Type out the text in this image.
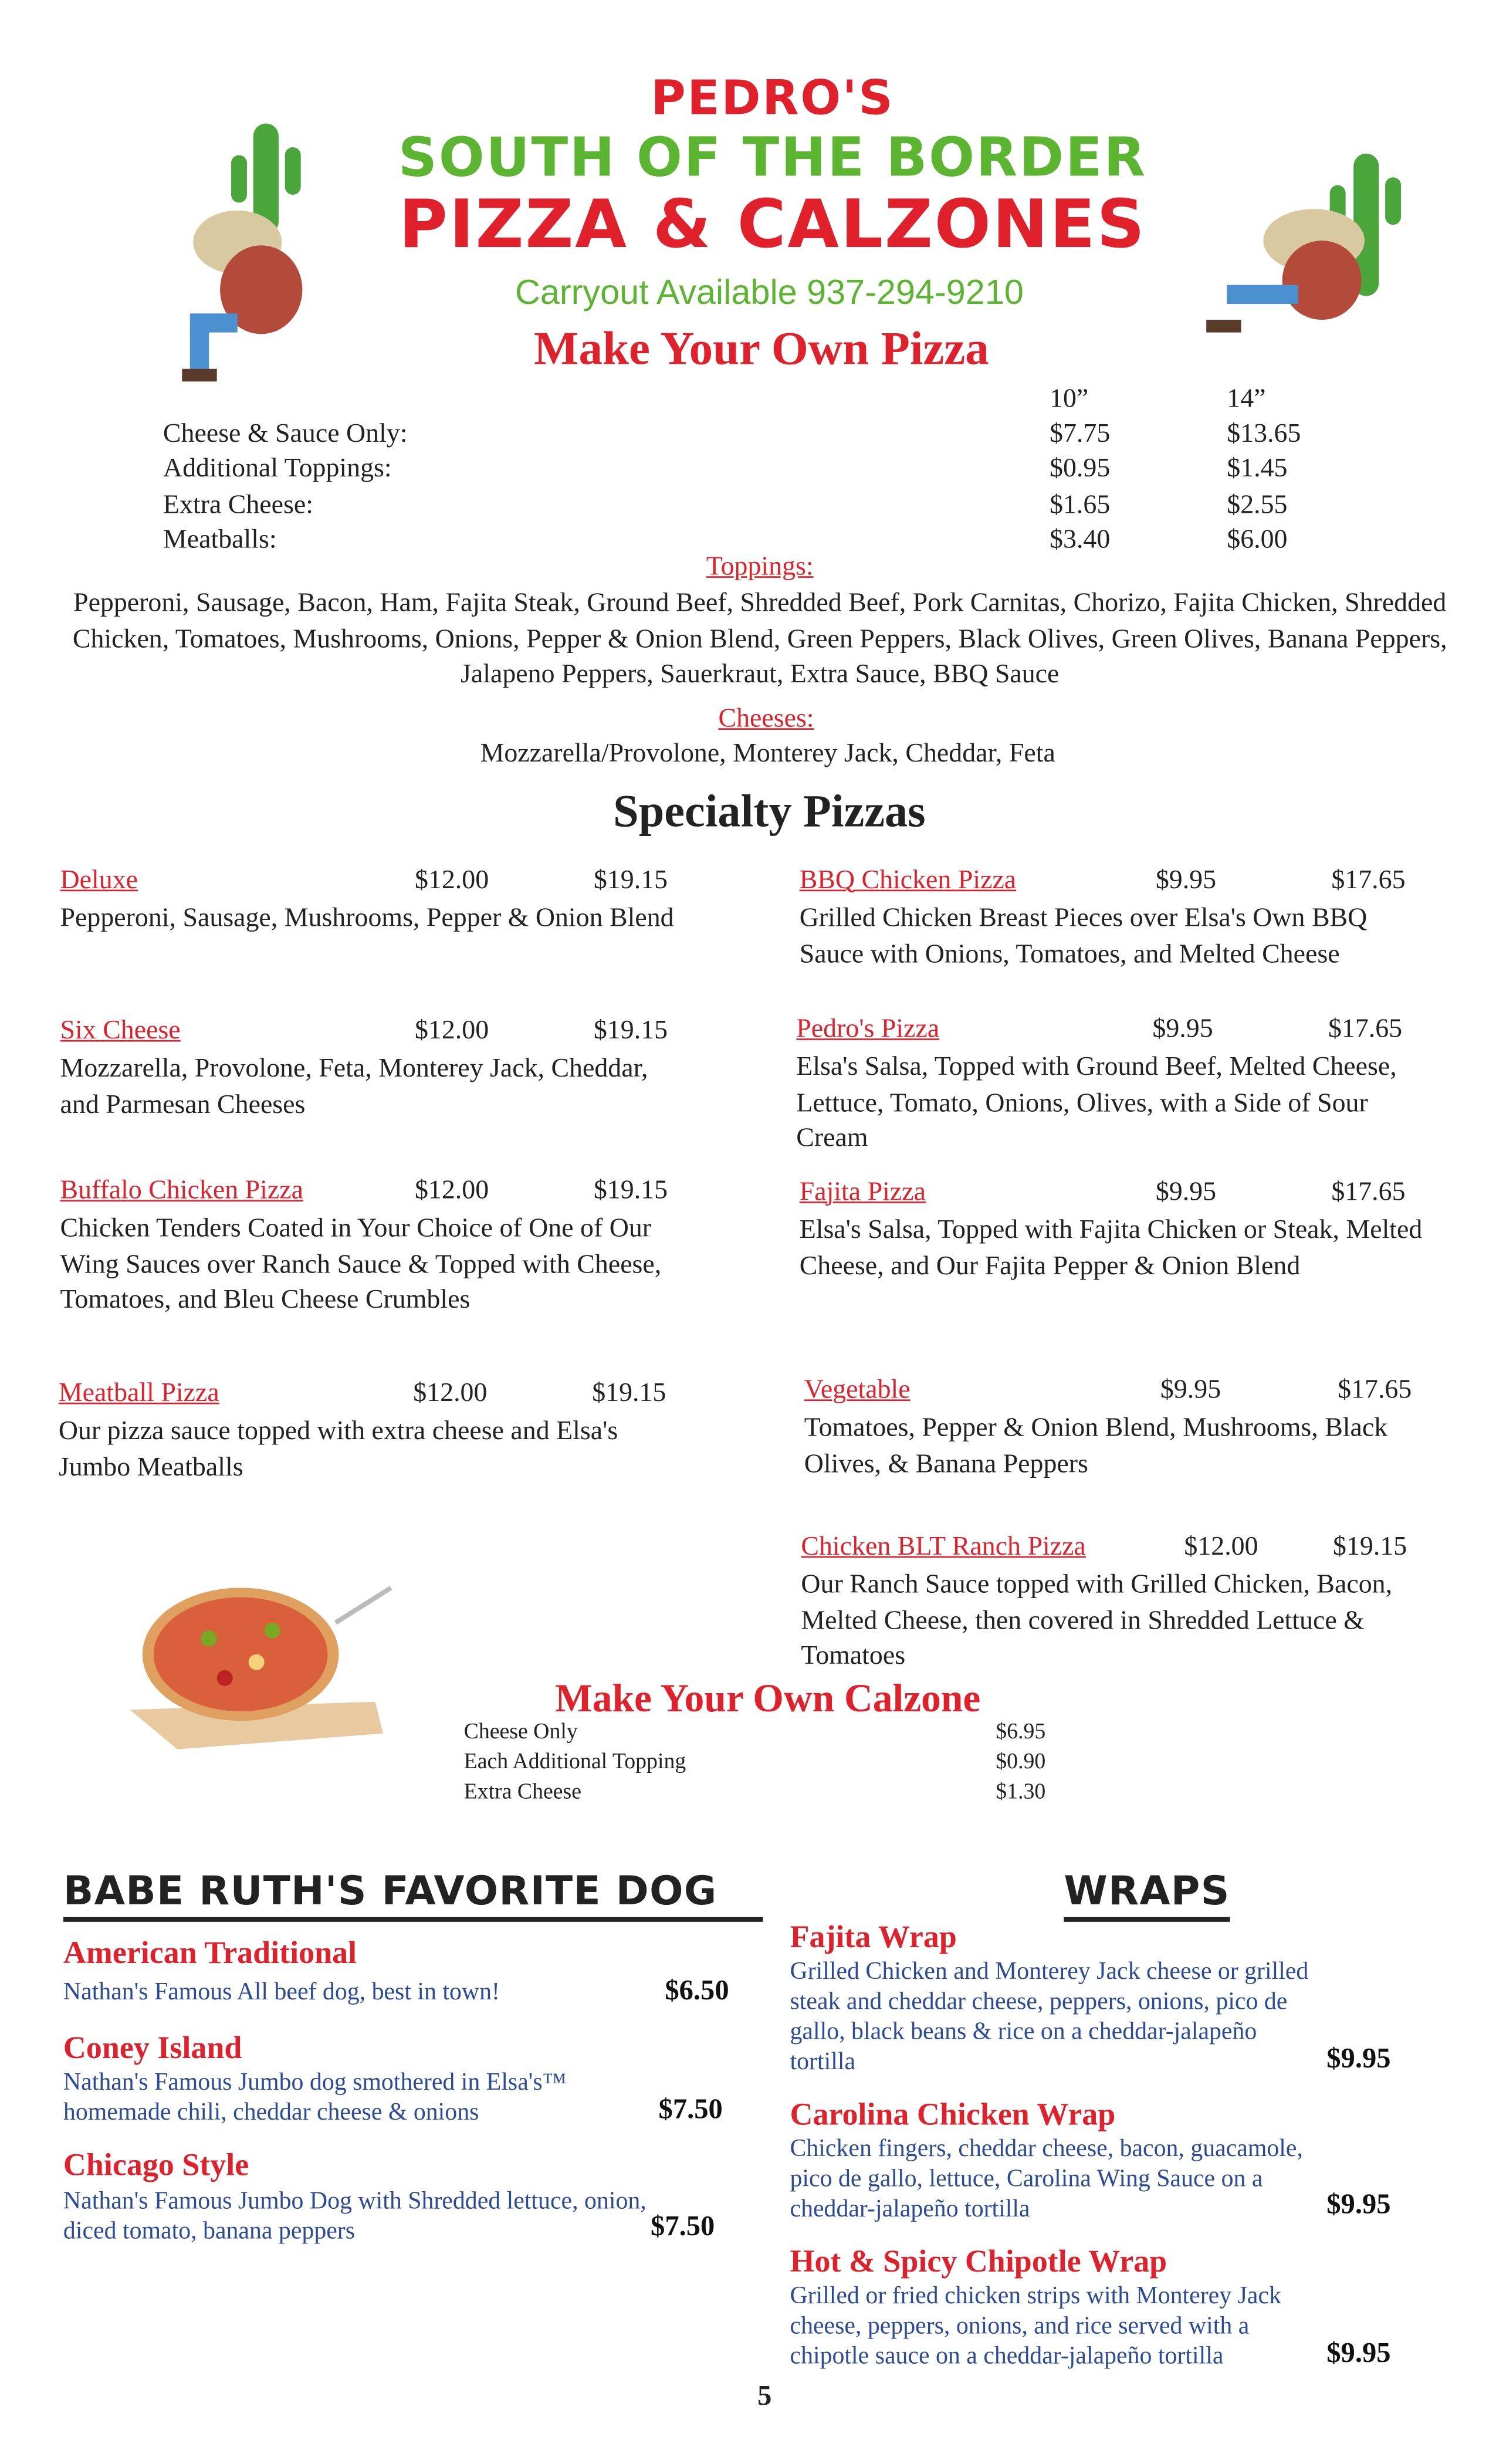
PEDRO'S
SOUTH OF THE BORDER
PIZZA & CALZONES
Carryout Available 937-294-9210
Make Your Own Pizza
10”	14”
Cheese & Sauce Only:	$7.75	$13.65
Additional Toppings:	$0.95	$1.45
Extra Cheese:	$1.65	$2.55
Meatballs:	$3.40	$6.00
Toppings:
Pepperoni, Sausage, Bacon, Ham, Fajita Steak, Ground Beef, Shredded Beef, Pork Carnitas, Chorizo, Fajita Chicken, Shredded Chicken, Tomatoes, Mushrooms, Onions, Pepper & Onion Blend, Green Peppers, Black Olives, Green Olives, Banana Peppers, Jalapeno Peppers, Sauerkraut, Extra Sauce, BBQ Sauce
Cheeses:
Mozzarella/Provolone, Monterey Jack, Cheddar, Feta
Specialty Pizzas
Deluxe	$12.00	$19.15
Pepperoni, Sausage, Mushrooms, Pepper & Onion Blend
Six Cheese	$12.00	$19.15
Mozzarella, Provolone, Feta, Monterey Jack, Cheddar, and Parmesan Cheeses
Buffalo Chicken Pizza	$12.00	$19.15
Chicken Tenders Coated in Your Choice of One of Our Wing Sauces over Ranch Sauce & Topped with Cheese, Tomatoes, and Bleu Cheese Crumbles
Meatball Pizza	$12.00	$19.15
Our pizza sauce topped with extra cheese and Elsa's Jumbo Meatballs
BBQ Chicken Pizza	$9.95	$17.65
Grilled Chicken Breast Pieces over Elsa's Own BBQ Sauce with Onions, Tomatoes, and Melted Cheese
Pedro's Pizza	$9.95	$17.65
Elsa's Salsa, Topped with Ground Beef, Melted Cheese, Lettuce, Tomato, Onions, Olives, with a Side of Sour Cream
Fajita Pizza	$9.95	$17.65
Elsa's Salsa, Topped with Fajita Chicken or Steak, Melted Cheese, and Our Fajita Pepper & Onion Blend
Vegetable	$9.95	$17.65
Tomatoes, Pepper & Onion Blend, Mushrooms, Black Olives, & Banana Peppers
Chicken BLT Ranch Pizza	$12.00	$19.15
Our Ranch Sauce topped with Grilled Chicken, Bacon, Melted Cheese, then covered in Shredded Lettuce & Tomatoes
Make Your Own Calzone
Cheese Only	$6.95
Each Additional Topping	$0.90
Extra Cheese	$1.30
BABE RUTH'S FAVORITE DOG
American Traditional
Nathan's Famous All beef dog, best in town!	$6.50
Coney Island
Nathan's Famous Jumbo dog smothered in Elsa's™ homemade chili, cheddar cheese & onions	$7.50
Chicago Style
Nathan's Famous Jumbo Dog with Shredded lettuce, onion, diced tomato, banana peppers	$7.50
WRAPS
Fajita Wrap
Grilled Chicken and Monterey Jack cheese or grilled steak and cheddar cheese, peppers, onions, pico de gallo, black beans & rice on a cheddar-jalapeño tortilla	$9.95
Carolina Chicken Wrap
Chicken fingers, cheddar cheese, bacon, guacamole, pico de gallo, lettuce, Carolina Wing Sauce on a cheddar-jalapeño tortilla	$9.95
Hot & Spicy Chipotle Wrap
Grilled or fried chicken strips with Monterey Jack cheese, peppers, onions, and rice served with a chipotle sauce on a cheddar-jalapeño tortilla	$9.95
5
